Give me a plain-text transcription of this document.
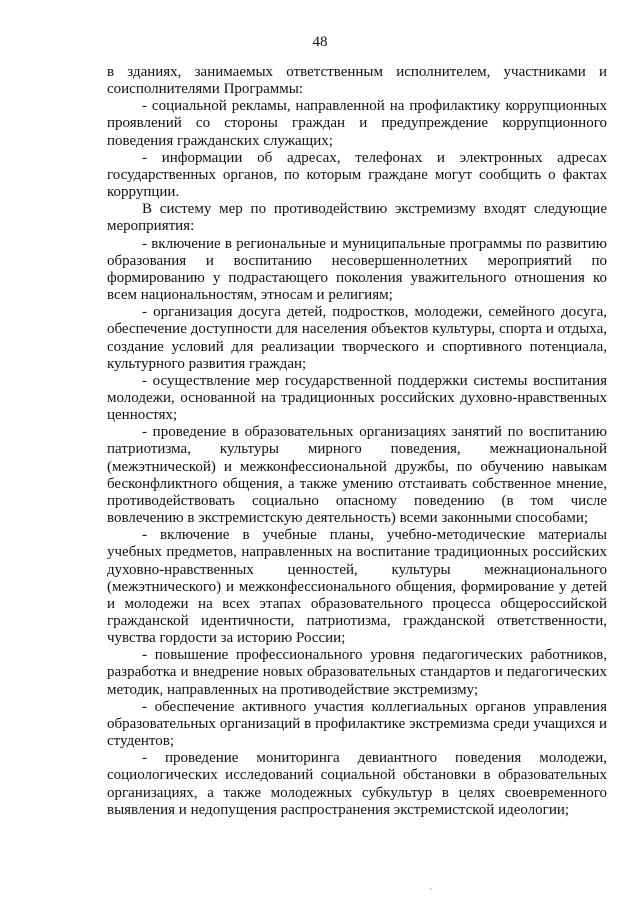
48

в зданиях, занимаемых ответственным исполнителем, участниками и соисполнителями Программы:

- социальной рекламы, направленной на профилактику коррупционных проявлений со стороны граждан и предупреждение коррупционного поведения гражданских служащих;

- информации об адресах, телефонах и электронных адресах государственных органов, по которым граждане могут сообщить о фактах коррупции.

В систему мер по противодействию экстремизму входят следующие мероприятия:

- включение в региональные и муниципальные программы по развитию образования и воспитанию несовершеннолетних мероприятий по формированию у подрастающего поколения уважительного отношения ко всем национальностям, этносам и религиям;

- организация досуга детей, подростков, молодежи, семейного досуга, обеспечение доступности для населения объектов культуры, спорта и отдыха, создание условий для реализации творческого и спортивного потенциала, культурного развития граждан;

- осуществление мер государственной поддержки системы воспитания молодежи, основанной на традиционных российских духовно-нравственных ценностях;

- проведение в образовательных организациях занятий по воспитанию патриотизма, культуры мирного поведения, межнациональной (межэтнической) и межконфессиональной дружбы, по обучению навыкам бесконфликтного общения, а также умению отстаивать собственное мнение, противодействовать социально опасному поведению (в том числе вовлечению в экстремистскую деятельность) всеми законными способами;

- включение в учебные планы, учебно-методические материалы учебных предметов, направленных на воспитание традиционных российских духовно-нравственных ценностей, культуры межнационального (межэтнического) и межконфессионального общения, формирование у детей и молодежи на всех этапах образовательного процесса общероссийской гражданской идентичности, патриотизма, гражданской ответственности, чувства гордости за историю России;

- повышение профессионального уровня педагогических работников, разработка и внедрение новых образовательных стандартов и педагогических методик, направленных на противодействие экстремизму;

- обеспечение активного участия коллегиальных органов управления образовательных организаций в профилактике экстремизма среди учащихся и студентов;

- проведение мониторинга девиантного поведения молодежи, социологических исследований социальной обстановки в образовательных организациях, а также молодежных субкультур в целях своевременного выявления и недопущения распространения экстремистской идеологии;
